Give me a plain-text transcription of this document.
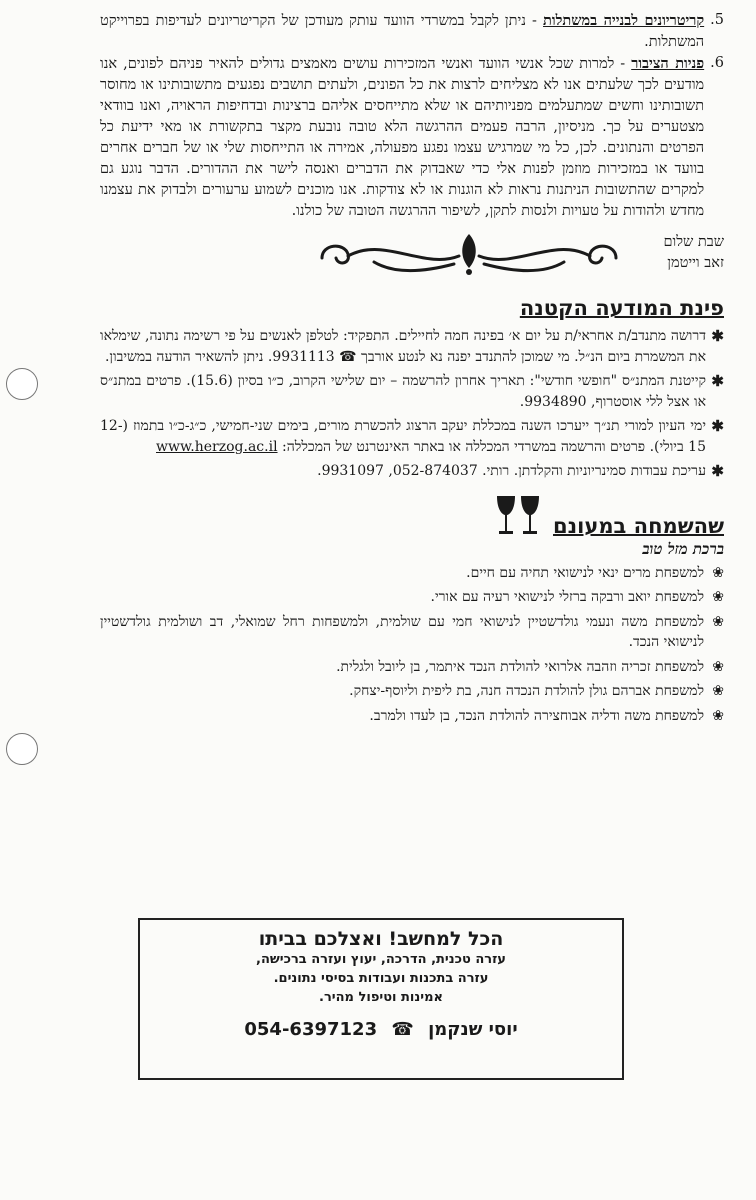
5.
קריטריונים לבנייה במשתלות - ניתן לקבל במשרדי הוועד עותק מעודכן של הקריטריונים לעדיפות בפרוייקט המשתלות.
6.
פניות הציבור - למרות שכל אנשי הוועד ואנשי המזכירות עושים מאמצים גדולים להאיר פניהם לפונים, אנו מודעים לכך שלעתים אנו לא מצליחים לרצות את כל הפונים, ולעתים תושבים נפגעים מתשובותינו או מחוסר תשובותינו וחשים שמתעלמים מפניותיהם או שלא מתייחסים אליהם ברצינות ובדחיפות הראויה, ואנו בוודאי מצטערים על כך. מניסיון, הרבה פעמים ההרגשה הלא טובה נובעת מקצר בתקשורת או מאי ידיעת כל הפרטים והנתונים. לכן, כל מי שמרגיש עצמו נפגע מפעולה, אמירה או התייחסות שלי או של חברים אחרים בוועד או במזכירות מוזמן לפנות אלי כדי שאבדוק את הדברים ואנסה לישר את ההדורים. הדבר נוגע גם למקרים שהתשובות הניתנות נראות לא הוגנות או לא צודקות. אנו מוכנים לשמוע ערעורים ולבדוק את עצמנו מחדש ולהודות על טעויות ולנסות לתקן, לשיפור ההרגשה הטובה של כולנו.
שבת שלום
זאב וייטמן
פינת המודעה הקטנה
✱
דרושה מתנדב/ת אחראי/ת על יום א׳ בפינה חמה לחיילים. התפקיד: לטלפן לאנשים על פי רשימה נתונה, שימלאו את המשמרת ביום הנ״ל. מי שמוכן להתנדב יפנה נא לנטע אורבך ☎ 9931113. ניתן להשאיר הודעה במשיבון.
✱
קייטנת המתנ״ס "חופשי חודשי": תאריך אחרון להרשמה – יום שלישי הקרוב, כ״ו בסיון (15.6). פרטים במתנ״ס או אצל ללי אוסטרוף, 9934890.
✱
ימי העיון למורי תנ״ך ייערכו השנה במכללת יעקב הרצוג להכשרת מורים, בימים שני-חמישי, כ״ג-כ״ו בתמוז (12-15 ביולי). פרטים והרשמה במשרדי המכללה או באתר האינטרנט של המכללה: www.herzog.ac.il
✱
עריכת עבודות סמינריוניות והקלדתן. רותי. 052-874037, 9931097.
שהשמחה במעונם
ברכת מזל טוב
❀
למשפחת מרים ינאי לנישואי תחיה עם חיים.
❀
למשפחת יואב ורבקה ברזלי לנישואי רעיה עם אורי.
❀
למשפחת משה ונעמי גולדשטיין לנישואי חמי עם שולמית, ולמשפחות רחל שמואלי, דב ושולמית גולדשטיין לנישואי הנכד.
❀
למשפחת זכריה וזהבה אלרואי להולדת הנכד איתמר, בן ליובל ולגלית.
❀
למשפחת אברהם גולן להולדת הנכדה חנה, בת ליפית וליוסף-יצחק.
❀
למשפחת משה ודליה אבוחצירה להולדת הנכד, בן לעדו ולמרב.
הכל למחשב! ואצלכם בביתו
עזרה טכנית, הדרכה, יעוץ ועזרה ברכישה,
עזרה בתכנות ועבודות בסיסי נתונים.
אמינות וטיפול מהיר.
יוסי שנקמן ☎ 054-6397123
